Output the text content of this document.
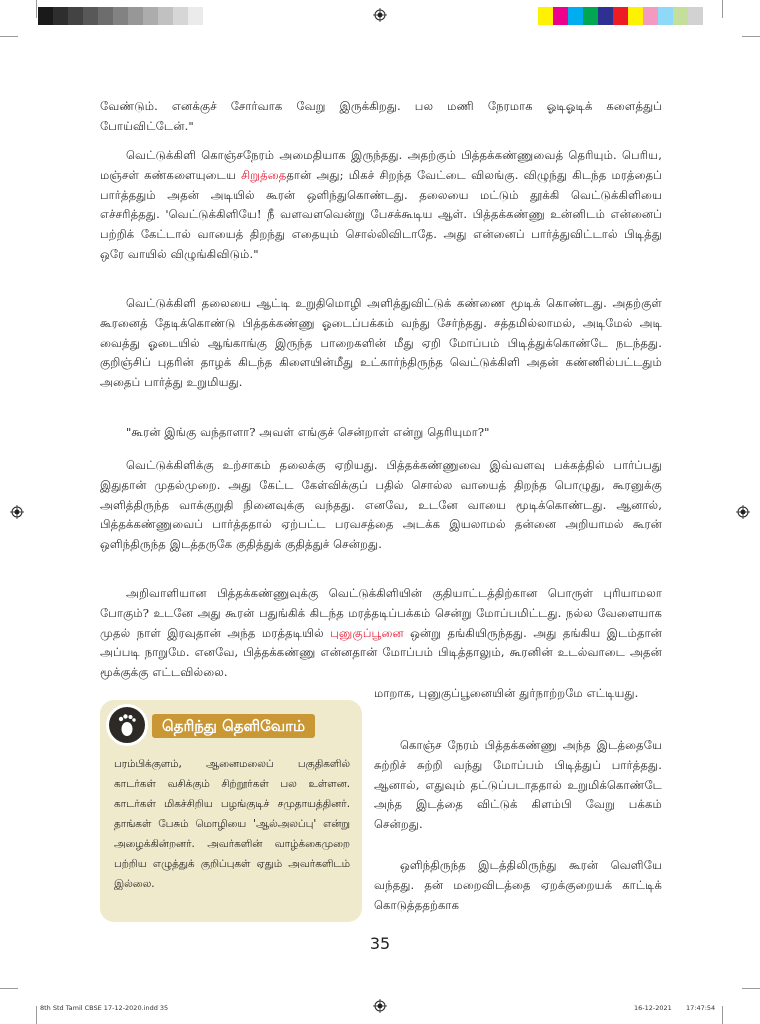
வேண்டும். எனக்குச் சோர்வாக வேறு இருக்கிறது. பல மணி நேரமாக ஓடிஓடிக் களைத்துப் போய்விட்டேன்."

வெட்டுக்கிளி கொஞ்சநேரம் அமைதியாக இருந்தது. அதற்கும் பித்தக்கண்ணுவைத் தெரியும். பெரிய, மஞ்சள் கண்களையுடைய சிறுத்தைதான் அது; மிகச் சிறந்த வேட்டை விலங்கு. விழுந்து கிடந்த மரத்தைப் பார்த்ததும் அதன் அடியில் கூரன் ஒளிந்துகொண்டது. தலையை மட்டும் தூக்கி வெட்டுக்கிளியை எச்சரித்தது. 'வெட்டுக்கிளியே! நீ வளவளவென்று பேசக்கூடிய ஆள். பித்தக்கண்ணு உன்னிடம் என்னைப் பற்றிக் கேட்டால் வாயைத் திறந்து எதையும் சொல்லிவிடாதே. அது என்னைப் பார்த்துவிட்டால் பிடித்து ஒரே வாயில் விழுங்கிவிடும்."

வெட்டுக்கிளி தலையை ஆட்டி உறுதிமொழி அளித்துவிட்டுக் கண்ணை மூடிக் கொண்டது. அதற்குள் கூரனைத் தேடிக்கொண்டு பித்தக்கண்ணு ஓடைப்பக்கம் வந்து சேர்ந்தது. சத்தமில்லாமல், அடிமேல் அடி வைத்து ஓடையில் ஆங்காங்கு இருந்த பாறைகளின் மீது ஏறி மோப்பம் பிடித்துக்கொண்டே நடந்தது. குறிஞ்சிப் புதரின் தாழக் கிடந்த கிளையின்மீது உட்கார்ந்திருந்த வெட்டுக்கிளி அதன் கண்ணில்பட்டதும் அதைப் பார்த்து உறுமியது.

"கூரன் இங்கு வந்தாளா? அவள் எங்குச் சென்றாள் என்று தெரியுமா?"

வெட்டுக்கிளிக்கு உற்சாகம் தலைக்கு ஏறியது. பித்தக்கண்ணுவை இவ்வளவு பக்கத்தில் பார்ப்பது இதுதான் முதல்முறை. அது கேட்ட கேள்விக்குப் பதில் சொல்ல வாயைத் திறந்த பொழுது, கூரனுக்கு அளித்திருந்த வாக்குறுதி நினைவுக்கு வந்தது. எனவே, உடனே வாயை மூடிக்கொண்டது. ஆனால், பித்தக்கண்ணுவைப் பார்த்ததால் ஏற்பட்ட பரவசத்தை அடக்க இயலாமல் தன்னை அறியாமல் கூரன் ஒளிந்திருந்த இடத்தருகே குதித்துக் குதித்துச் சென்றது.

அறிவாளியான பித்தக்கண்ணுவுக்கு வெட்டுக்கிளியின் குதியாட்டத்திற்கான பொருள் புரியாமலா போகும்? உடனே அது கூரன் பதுங்கிக் கிடந்த மரத்தடிப்பக்கம் சென்று மோப்பமிட்டது. நல்ல வேளையாக முதல் நாள் இரவுதான் அந்த மரத்தடியில் புனுகுப்பூனை ஒன்று தங்கியிருந்தது. அது தங்கிய இடம்தான் அப்படி நாறுமே. எனவே, பித்தக்கண்ணு என்னதான் மோப்பம் பிடித்தாலும், கூரனின் உடல்வாடை அதன் மூக்குக்கு எட்டவில்லை.

மாறாக, புனுகுப்பூனையின் துர்நாற்றமே எட்டியது.

கொஞ்ச நேரம் பித்தக்கண்ணு அந்த இடத்தையே சுற்றிச் சுற்றி வந்து மோப்பம் பிடித்துப் பார்த்தது. ஆனால், எதுவும் தட்டுப்படாததால் உறுமிக்கொண்டே அந்த இடத்தை விட்டுக் கிளம்பி வேறு பக்கம் சென்றது.

ஒளிந்திருந்த இடத்திலிருந்து கூரன் வெளியே வந்தது. தன் மறைவிடத்தை ஏறக்குறையக் காட்டிக் கொடுத்ததற்காக

தெரிந்து தெளிவோம்

பரம்பிக்குளம், ஆனைமலைப் பகுதிகளில் காடர்கள் வசிக்கும் சிற்றூர்கள் பல உள்ளன. காடர்கள் மிகச்சிறிய பழங்குடிச் சமுதாயத்தினர். தாங்கள் பேசும் மொழியை 'ஆல்அலப்பு' என்று அழைக்கின்றனர். அவர்களின் வாழ்க்கைமுறை பற்றிய எழுத்துக் குறிப்புகள் ஏதும் அவர்களிடம் இல்லை.

35
8th Std Tamil CBSE 17-12-2020.indd 35	16-12-2021 17:47:54
